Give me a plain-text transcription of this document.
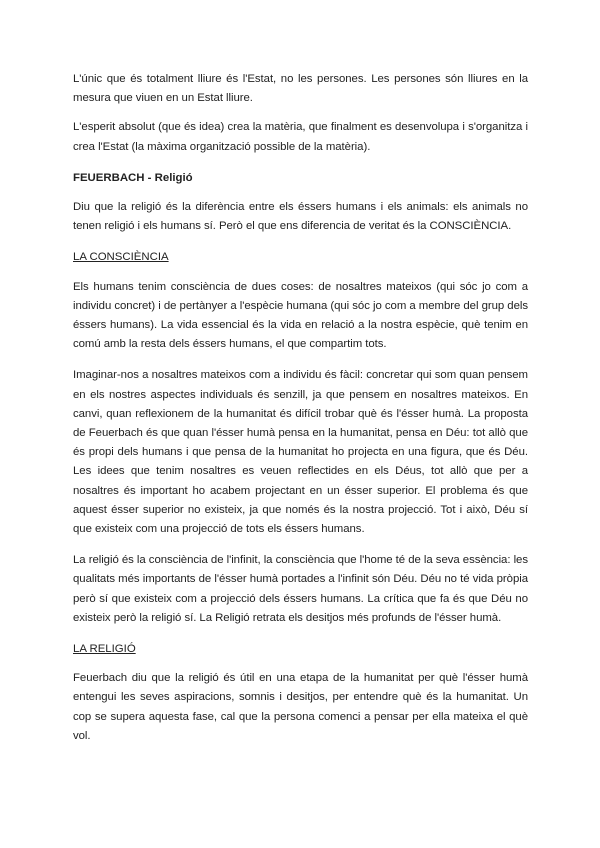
L'únic que és totalment lliure és l'Estat, no les persones. Les persones són lliures en la mesura que viuen en un Estat lliure.

L'esperit absolut (que és idea) crea la matèria, que finalment es desenvolupa i s'organitza i crea l'Estat (la màxima organització possible de la matèria).

FEUERBACH - Religió

Diu que la religió és la diferència entre els éssers humans i els animals: els animals no tenen religió i els humans sí. Però el que ens diferencia de veritat és la CONSCIÈNCIA.

LA CONSCIÈNCIA

Els humans tenim consciència de dues coses: de nosaltres mateixos (qui sóc jo com a individu concret) i de pertànyer a l'espècie humana (qui sóc jo com a membre del grup dels éssers humans). La vida essencial és la vida en relació a la nostra espècie, què tenim en comú amb la resta dels éssers humans, el que compartim tots.

Imaginar-nos a nosaltres mateixos com a individu és fàcil: concretar qui som quan pensem en els nostres aspectes individuals és senzill, ja que pensem en nosaltres mateixos. En canvi, quan reflexionem de la humanitat és difícil trobar què és l'ésser humà. La proposta de Feuerbach és que quan l'ésser humà pensa en la humanitat, pensa en Déu: tot allò que és propi dels humans i que pensa de la humanitat ho projecta en una figura, que és Déu. Les idees que tenim nosaltres es veuen reflectides en els Déus, tot allò que per a nosaltres és important ho acabem projectant en un ésser superior. El problema és que aquest ésser superior no existeix, ja que només és la nostra projecció. Tot i això, Déu sí que existeix com una projecció de tots els éssers humans.

La religió és la consciència de l'infinit, la consciència que l'home té de la seva essència: les qualitats més importants de l'ésser humà portades a l'infinit són Déu. Déu no té vida pròpia però sí que existeix com a projecció dels éssers humans. La crítica que fa és que Déu no existeix però la religió sí. La Religió retrata els desitjos més profunds de l'ésser humà.

LA RELIGIÓ

Feuerbach diu que la religió és útil en una etapa de la humanitat per què l'ésser humà entengui les seves aspiracions, somnis i desitjos, per entendre què és la humanitat. Un cop se supera aquesta fase, cal que la persona comenci a pensar per ella mateixa el què vol.
